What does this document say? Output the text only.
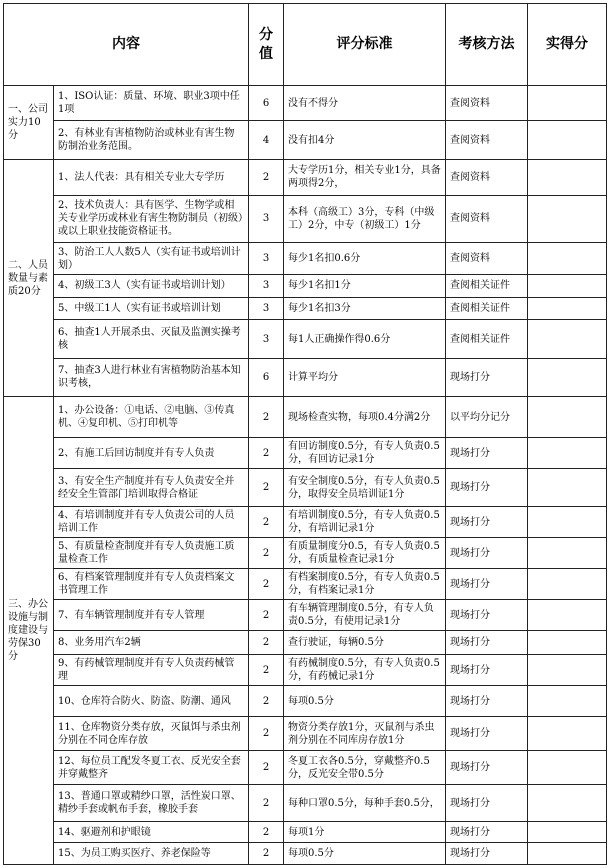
内容		分值	评分标准	考核方法	实得分
一、公司实力10分	1、ISO认证：质量、环境、职业3项中任1项	6	没有不得分	查阅资料	
	2、有林业有害植物防治或林业有害生物防制治业务范围。	4	没有扣4分	查阅资料	
二、人员数量与素质20分	1、法人代表：具有相关专业大专学历	2	大专学历1分，相关专业1分，具备两项得2分，	查阅资料	
	2、技术负责人：具有医学、生物学或相关专业学历或林业有害生物防制员（初级）或以上职业技能资格证书。	3	本科（高级工）3分，专科（中级工）2分，中专（初级工）1分	查阅资料	
	3、防治工人人数5人（实有证书或培训计划）	3	每少1名扣0.6分	查阅资料	
	4、初级工3人（实有证书或培训计划）	3	每少1名扣1分	查阅相关证件	
	5、中级工1人（实有证书或培训计划	3	每少1名扣3分	查阅相关证件	
	6、抽查1人开展杀虫、灭鼠及监测实操考核	3	每1人正确操作得0.6分	查阅相关证件	
	7、抽查3人进行林业有害植物防治基本知识考核，	6	计算平均分	现场打分	
三、办公设施与制度建设与劳保30分	1、办公设备：①电话、②电脑、③传真机、④复印机、⑤打印机等	2	现场检查实物，每项0.4分满2分	以平均分记分	
	2、有施工后回访制度并有专人负责	2	有回访制度0.5分，有专人负责0.5分，有回访记录1分	现场打分	
	3、有安全生产制度并有专人负责安全并经安全生管部门培训取得合格证	2	有安全制度0.5分，有专人负责0.5分，取得安全员培训证1分	现场打分	
	4、有培训制度并有专人负责公司的人员培训工作	2	有培训制度0.5分，有专人负责0.5分，有培训记录1分	现场打分	
	5、有质量检查制度并有专人负责施工质量检查工作	2	有质量制度分0.5，有专人负责0.5分，有质量检查记录1分	现场打分	
	6、有档案管理制度并有专人负责档案文书管理工作	2	有档案制度0.5分，有专人负责0.5分，有档案记录1分	现场打分	
	7、有车辆管理制度并有专人管理	2	有车辆管理制度0.5分，有专人负责0.5分，有使用记录1分	现场打分	
	8、业务用汽车2辆	2	查行驶证，每辆0.5分	现场打分	
	9、有药械管理制度并有专人负责药械管理	2	有药械制度0.5分，有专人负责0.5分，有药械记录1分	现场打分	
	10、仓库符合防火、防盗、防潮、通风	2	每项0.5分	现场打分	
	11、仓库物资分类存放，灭鼠饵与杀虫剂分别在不同仓库存放	2	物资分类存放1分，灭鼠剂与杀虫剂分别在不同库房存放1分	现场打分	
	12、每位员工配发冬夏工衣、反光安全套并穿戴整齐	2	冬夏工衣各0.5分，穿戴整齐0.5分，反光安全带0.5分	现场打分	
	13、普通口罩或精纱口罩，活性炭口罩、精纱手套或帆布手套，橡胶手套	2	每种口罩0.5分，每种手套0.5分，	现场打分	
	14、驱避剂和护眼镜	2	每项1分	现场打分	
	15、为员工购买医疗、养老保险等	2	每项0.5分	现场打分	
